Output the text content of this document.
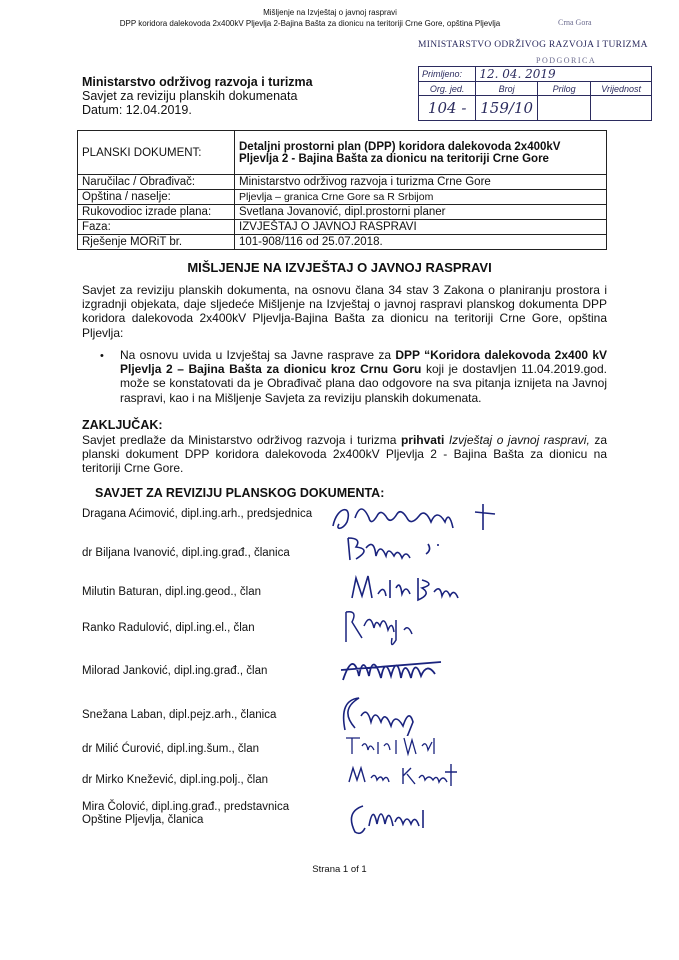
Mišljenje na Izvještaj o javnoj raspravi
DPP koridora dalekovoda 2x400kV Pljevlja 2-Bajina Bašta za dionicu na teritoriji Crne Gore, opština Pljevlja	Crna Gora
MINISTARSTVO ODRŽIVOG RAZVOJA I TURIZMA
PODGORICA
Primljeno:	12. 04. 2019		
Org. jed.	Broj	Prilog	Vrijednost
104 -	159/10		
Ministarstvo održivog razvoja i turizma
Savjet za reviziju planskih dokumenata
Datum: 12.04.2019.
PLANSKI DOKUMENT:	Detaljni prostorni plan (DPP) koridora dalekovoda 2x400kV Pljevlja 2 - Bajina Bašta za dionicu na teritoriji Crne Gore
Naručilac / Obrađivač:	Ministarstvo održivog razvoja i turizma Crne Gore
Opština / naselje:	Pljevlja – granica Crne Gore sa R Srbijom
Rukovodioc izrade plana:	Svetlana Jovanović, dipl.prostorni planer
Faza:	IZVJEŠTAJ O JAVNOJ RASPRAVI
Rješenje MORiT br.	101-908/116 od 25.07.2018.
MIŠLJENJE NA IZVJEŠTAJ O JAVNOJ RASPRAVI
Savjet za reviziju planskih dokumenta, na osnovu člana 34 stav 3 Zakona o planiranju prostora i izgradnji objekata, daje sljedeće Mišljenje na Izvještaj o javnoj raspravi planskog dokumenta DPP koridora dalekovoda 2x400kV Pljevlja-Bajina Bašta za dionicu na teritoriji Crne Gore, opština Pljevlja:
• Na osnovu uvida u Izvještaj sa Javne rasprave za DPP “Koridora dalekovoda 2x400 kV Pljevlja 2 – Bajina Bašta za dionicu kroz Crnu Goru koji je dostavljen 11.04.2019.god. može se konstatovati da je Obrađivač plana dao odgovore na sva pitanja iznijeta na Javnoj raspravi, kao i na Mišljenje Savjeta za reviziju planskih dokumenata.
ZAKLJUČAK:
Savjet predlaže da Ministarstvo održivog razvoja i turizma prihvati Izvještaj o javnoj raspravi, za planski dokument DPP koridora dalekovoda 2x400kV Pljevlja 2 - Bajina Bašta za dionicu na teritoriji Crne Gore.
SAVJET ZA REVIZIJU PLANSKOG DOKUMENTA:
Dragana Aćimović, dipl.ing.arh., predsjednica
dr Biljana Ivanović, dipl.ing.građ., članica
Milutin Baturan, dipl.ing.geod., član
Ranko Radulović, dipl.ing.el., član
Milorad Janković, dipl.ing.građ., član
Snežana Laban, dipl.pejz.arh., članica
dr Milić Ćurović, dipl.ing.šum., član
dr Mirko Knežević, dipl.ing.polj., član
Mira Čolović, dipl.ing.građ., predstavnica
Opštine Pljevlja, članica
Strana 1 of 1
